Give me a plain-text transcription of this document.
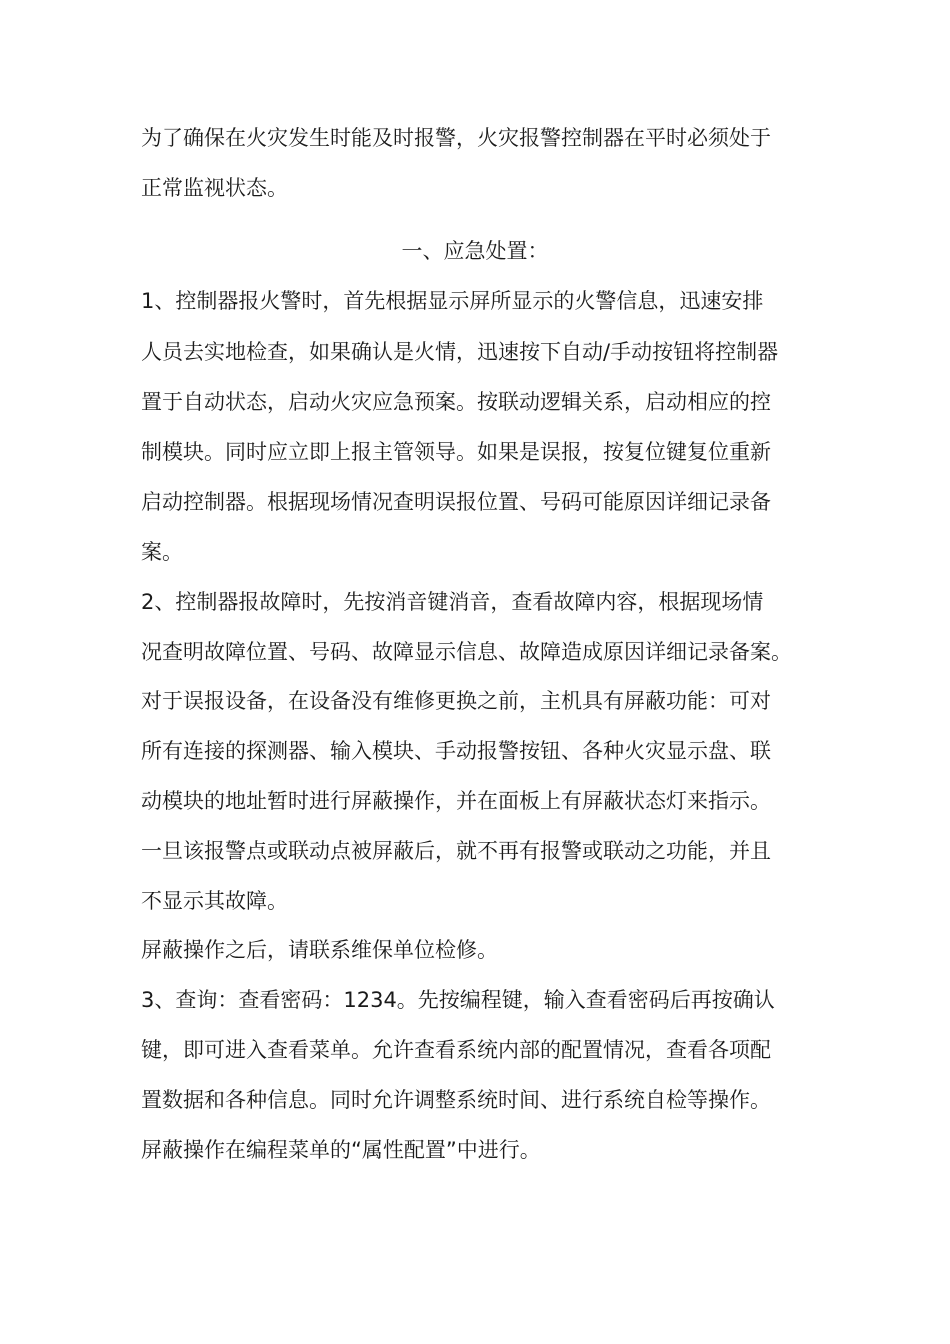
为了确保在火灾发生时能及时报警，火灾报警控制器在平时必须处于
正常监视状态。
一、应急处置：
1、控制器报火警时，首先根据显示屏所显示的火警信息，迅速安排
人员去实地检查，如果确认是火情，迅速按下自动/手动按钮将控制器
置于自动状态，启动火灾应急预案。按联动逻辑关系，启动相应的控
制模块。同时应立即上报主管领导。如果是误报，按复位键复位重新
启动控制器。根据现场情况查明误报位置、号码可能原因详细记录备
案。
2、控制器报故障时，先按消音键消音，查看故障内容，根据现场情
况查明故障位置、号码、故障显示信息、故障造成原因详细记录备案。
对于误报设备，在设备没有维修更换之前，主机具有屏蔽功能：可对
所有连接的探测器、输入模块、手动报警按钮、各种火灾显示盘、联
动模块的地址暂时进行屏蔽操作，并在面板上有屏蔽状态灯来指示。
一旦该报警点或联动点被屏蔽后，就不再有报警或联动之功能，并且
不显示其故障。
屏蔽操作之后，请联系维保单位检修。
3、查询：查看密码：1234。先按编程键，输入查看密码后再按确认
键，即可进入查看菜单。允许查看系统内部的配置情况，查看各项配
置数据和各种信息。同时允许调整系统时间、进行系统自检等操作。
屏蔽操作在编程菜单的“属性配置”中进行。
